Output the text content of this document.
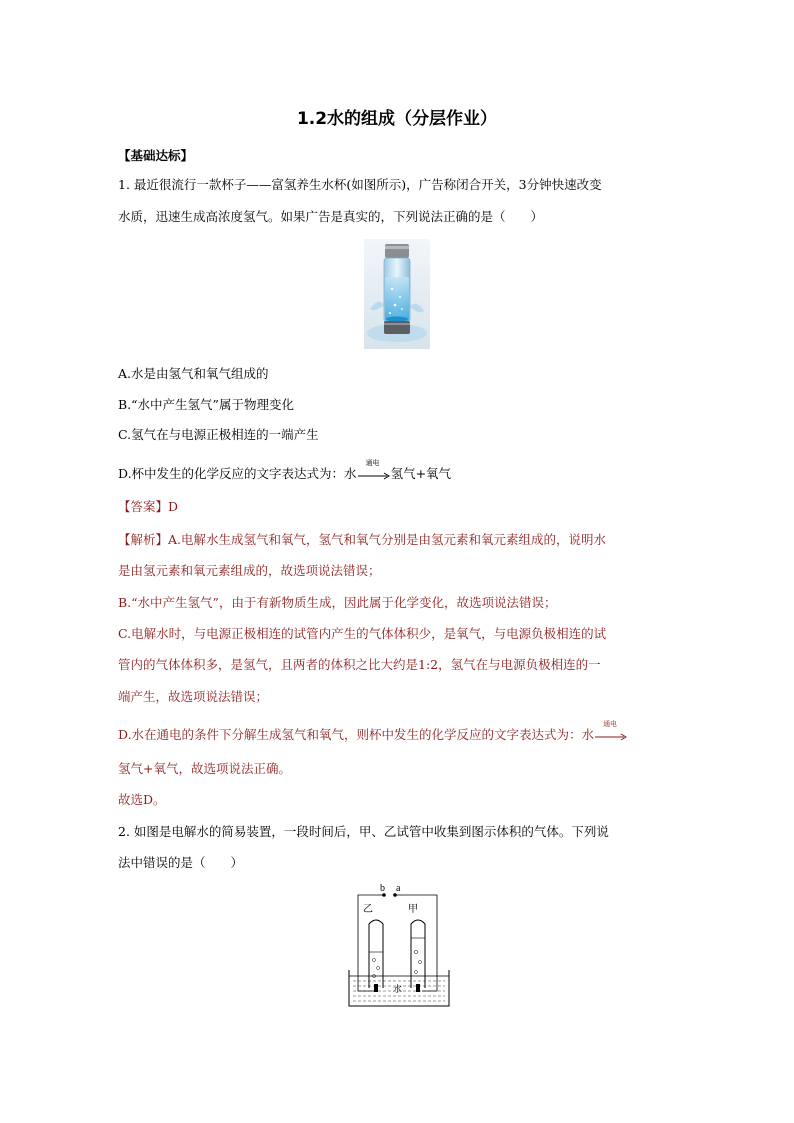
1.2水的组成（分层作业）
【基础达标】
1. 最近很流行一款杯子——富氢养生水杯(如图所示)，广告称闭合开关，3分钟快速改变
水质，迅速生成高浓度氢气。如果广告是真实的，下列说法正确的是（　　）
A.水是由氢气和氧气组成的
B.“水中产生氢气”属于物理变化
C.氢气在与电源正极相连的一端产生
D.杯中发生的化学反应的文字表达式为：水
通电
氢气+氧气
【答案】D
【解析】A.电解水生成氢气和氧气，氢气和氧气分别是由氢元素和氧元素组成的，说明水
是由氢元素和氧元素组成的，故选项说法错误；
B.“水中产生氢气”，由于有新物质生成，因此属于化学变化，故选项说法错误；
C.电解水时，与电源正极相连的试管内产生的气体体积少，是氧气，与电源负极相连的试
管内的气体体积多，是氢气，且两者的体积之比大约是1:2，氢气在与电源负极相连的一
端产生，故选项说法错误；
D.水在通电的条件下分解生成氢气和氧气，则杯中发生的化学反应的文字表达式为：水
通电
氢气+氧气，故选项说法正确。
故选D。
2. 如图是电解水的简易装置，一段时间后，甲、乙试管中收集到图示体积的气体。下列说
法中错误的是（　　）
b a
乙	甲
水
